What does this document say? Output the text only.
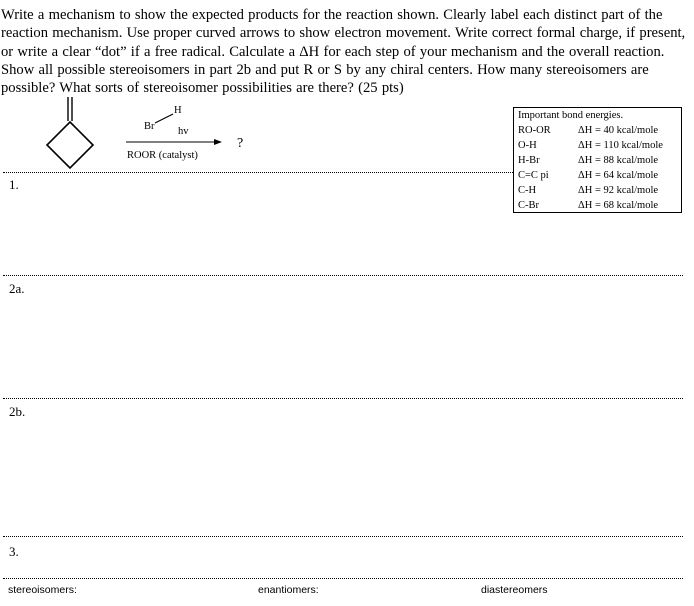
Write a mechanism to show the expected products for the reaction shown. Clearly label each distinct part of the reaction mechanism. Use proper curved arrows to show electron movement. Write correct formal charge, if present, or write a clear “dot” if a free radical. Calculate a ΔH for each step of your mechanism and the overall reaction. Show all possible stereoisomers in part 2b and put R or S by any chiral centers. How many stereoisomers are possible? What sorts of stereoisomer possibilities are there? (25 pts)

H
Br hv
ROOR (catalyst)
?
Important bond energies.
RO-OR	ΔH = 40 kcal/mole
O-H	ΔH = 110 kcal/mole
H-Br	ΔH = 88 kcal/mole
C=C pi	ΔH = 64 kcal/mole
C-H	ΔH = 92 kcal/mole
C-Br	ΔH = 68 kcal/mole
1.
2a.
2b.
3.
stereoisomers:	enantiomers:	diastereomers
